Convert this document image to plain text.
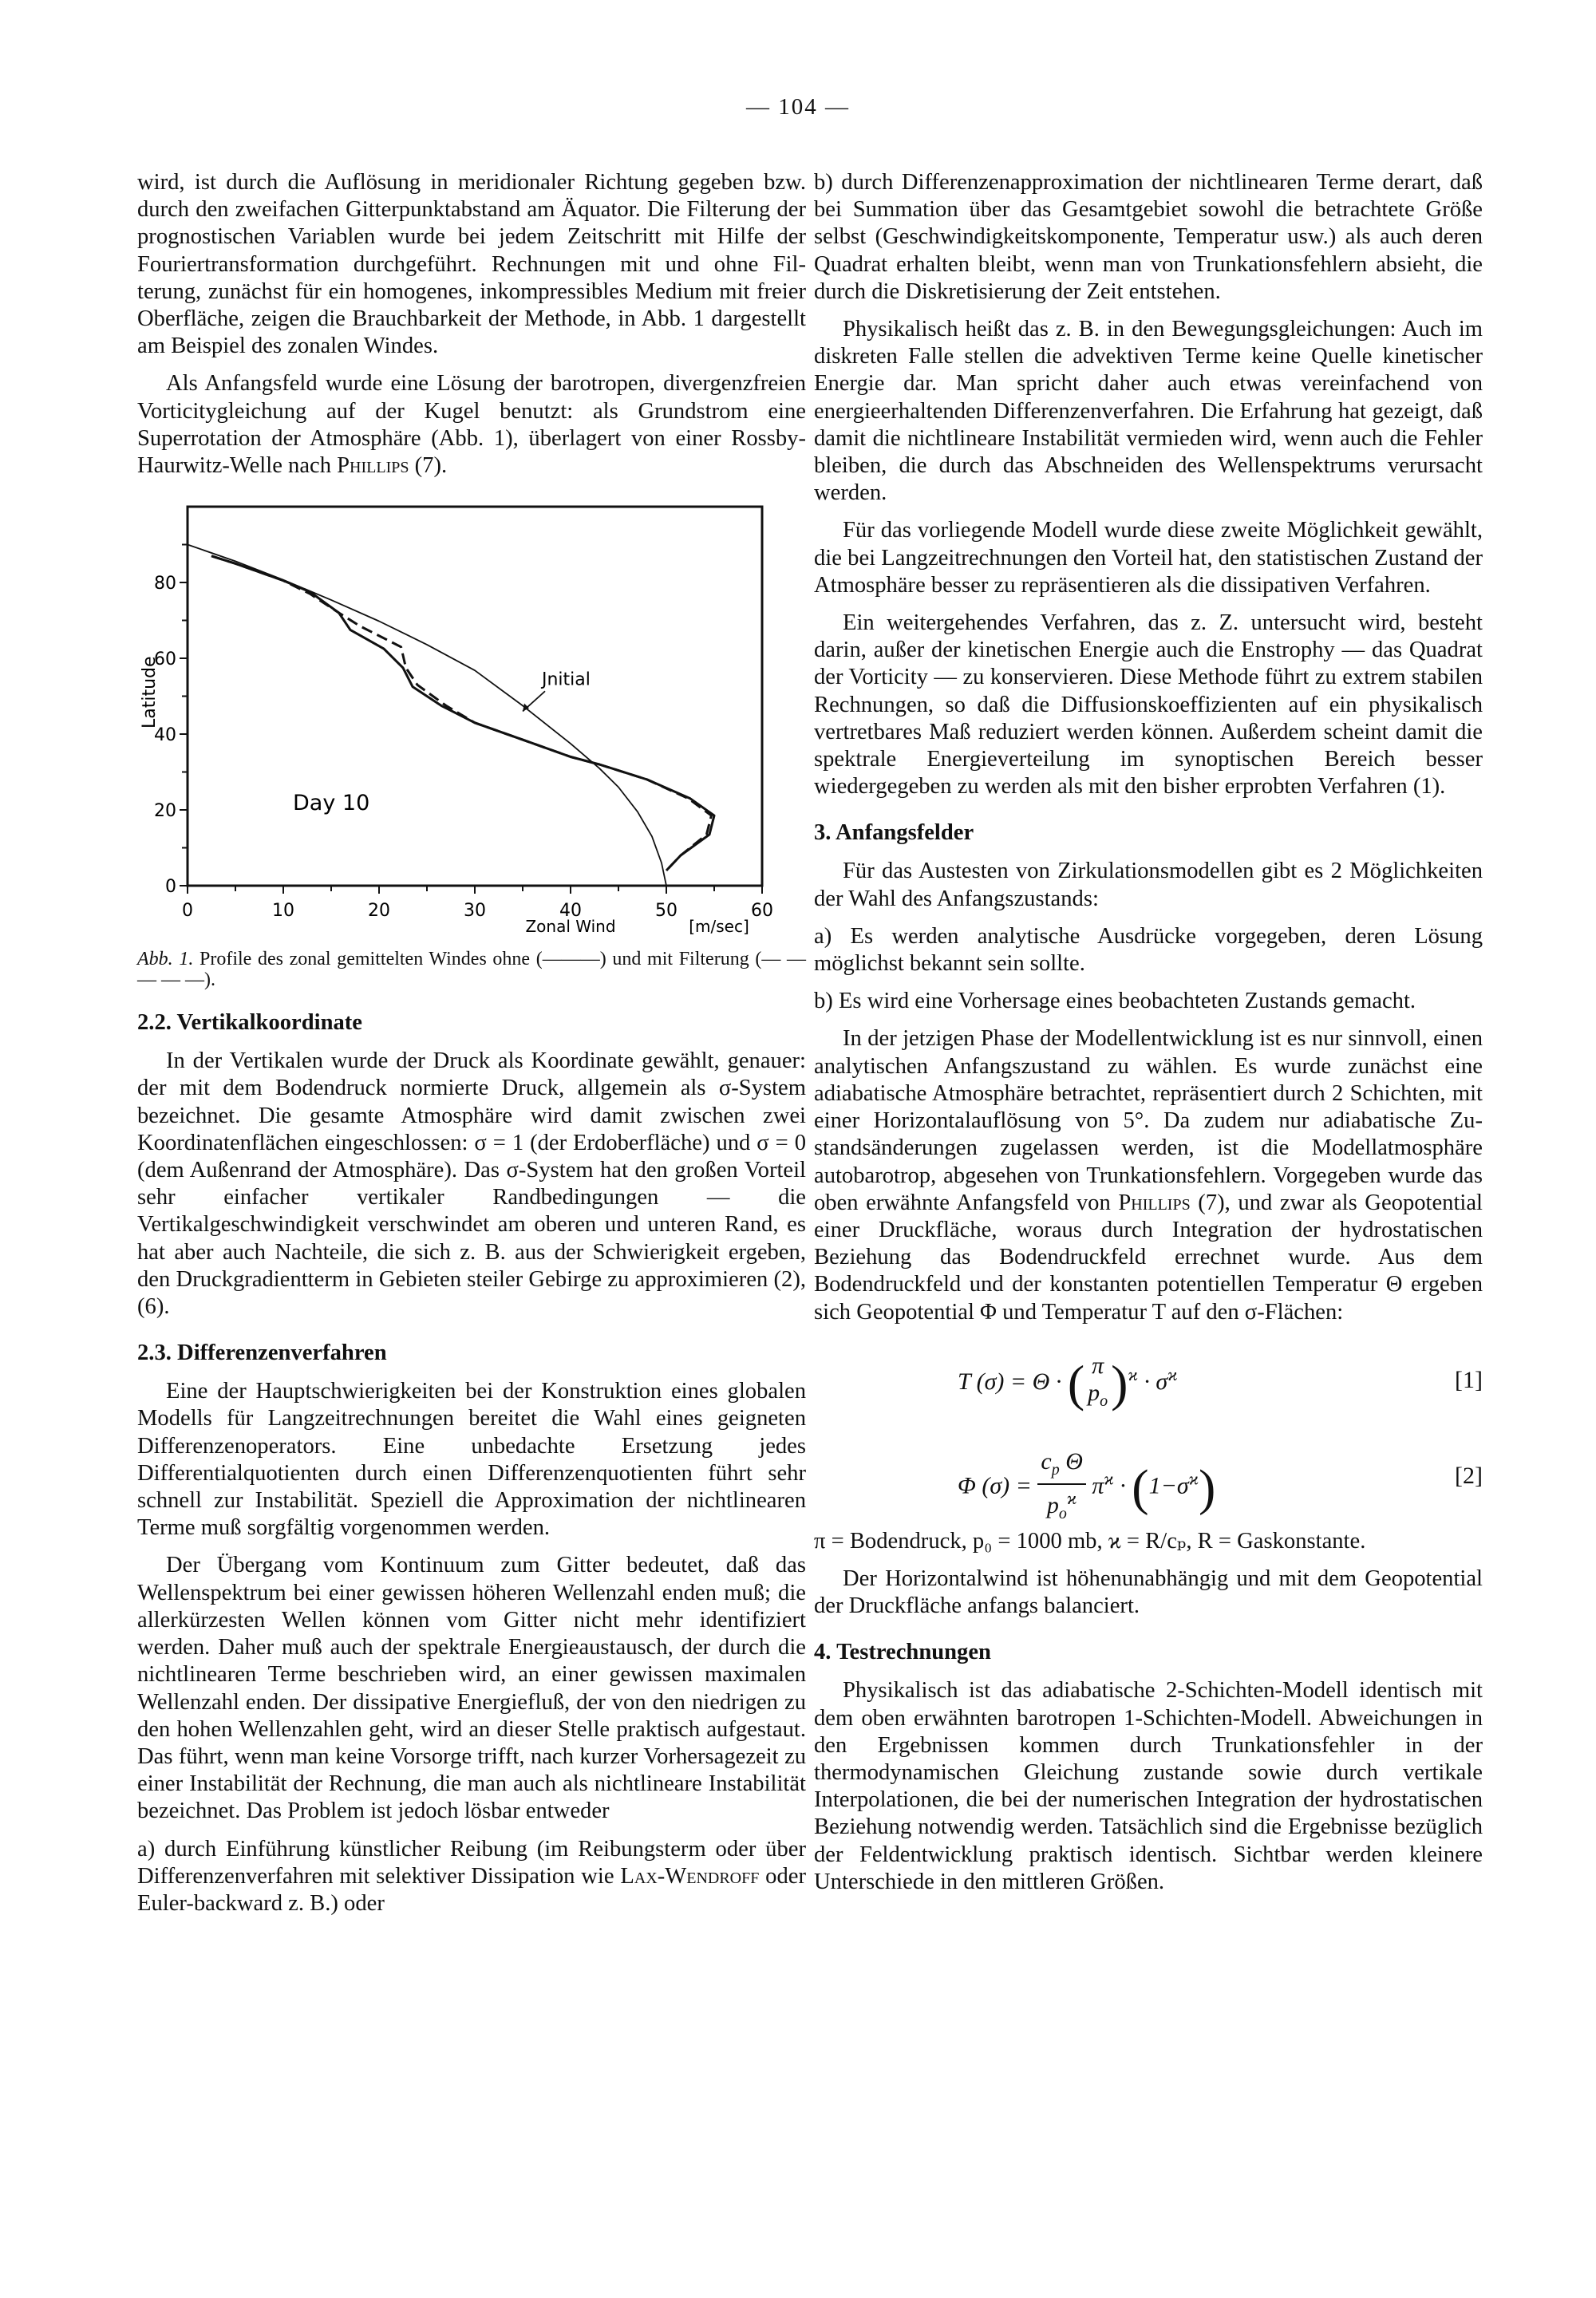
— 104 —

wird, ist durch die Auflösung in meridionaler Richtung gegeben bzw. durch den zweifachen Gitterpunktabstand am Äquator. Die Filterung der prognostischen Variablen wurde bei jedem Zeitschritt mit Hilfe der Fouriertransformation durchgeführt. Rechnungen mit und ohne Filterung, zunächst für ein homogenes, inkompressibles Medium mit freier Oberfläche, zeigen die Brauchbarkeit der Methode, in Abb. 1 dargestellt am Beispiel des zonalen Windes.

Als Anfangsfeld wurde eine Lösung der barotropen, divergenzfreien Vorticitygleichung auf der Kugel benutzt: als Grundstrom eine Superrotation der Atmosphäre (Abb. 1), überlagert von einer Rossby-Haurwitz-Welle nach Phillips (7).

0	10	20	30	40	50	60
0
20
40
60
80
Zonal Wind	[m/sec]
Latitude	Jnitial
Day 10
Abb. 1. Profile des zonal gemittelten Windes ohne (———) und mit Filterung (— — — — —).
2.2. Vertikalkoordinate

In der Vertikalen wurde der Druck als Koordinate gewählt, genauer: der mit dem Bodendruck normierte Druck, allgemein als σ-System bezeichnet. Die gesamte Atmosphäre wird damit zwischen zwei Koordinatenflächen eingeschlossen: σ = 1 (der Erdoberfläche) und σ = 0 (dem Außenrand der Atmosphäre). Das σ-System hat den großen Vorteil sehr einfacher vertikaler Randbedingungen — die Vertikalgeschwindigkeit verschwindet am oberen und unteren Rand, es hat aber auch Nachteile, die sich z. B. aus der Schwierigkeit ergeben, den Druckgradientterm in Gebieten steiler Gebirge zu approximieren (2), (6).

2.3. Differenzenverfahren

Eine der Hauptschwierigkeiten bei der Konstruktion eines globalen Modells für Langzeitrechnungen bereitet die Wahl eines geigneten Differenzenoperators. Eine unbedachte Ersetzung jedes Differentialquotienten durch einen Differenzenquotienten führt sehr schnell zur Instabilität. Speziell die Approximation der nichtlinearen Terme muß sorgfältig vorgenommen werden.

Der Übergang vom Kontinuum zum Gitter bedeutet, daß das Wellenspektrum bei einer gewissen höheren Wellenzahl enden muß; die allerkürzesten Wellen können vom Gitter nicht mehr identifiziert werden. Daher muß auch der spektrale Energieaustausch, der durch die nichtlinearen Terme beschrieben wird, an einer gewissen maximalen Wellenzahl enden. Der dissipative Energiefluß, der von den niedrigen zu den hohen Wellenzahlen geht, wird an dieser Stelle praktisch aufgestaut. Das führt, wenn man keine Vorsorge trifft, nach kurzer Vorhersagezeit zu einer Instabilität der Rechnung, die man auch als nichtlineare Instabilität bezeichnet. Das Problem ist jedoch lösbar entweder

a) durch Einführung künstlicher Reibung (im Reibungsterm oder über Differenzenverfahren mit selektiver Dissipation wie Lax-Wendroff oder Euler-backward z. B.) oder

b) durch Differenzenapproximation der nichtlinearen Terme derart, daß bei Summation über das Gesamtgebiet sowohl die betrachtete Größe selbst (Geschwindigkeitskomponente, Temperatur usw.) als auch deren Quadrat erhalten bleibt, wenn man von Trunkationsfehlern absieht, die durch die Diskretisierung der Zeit entstehen.

Physikalisch heißt das z. B. in den Bewegungsgleichungen: Auch im diskreten Falle stellen die advektiven Terme keine Quelle kinetischer Energie dar. Man spricht daher auch etwas vereinfachend von energieerhaltenden Differenzenverfahren. Die Erfahrung hat gezeigt, daß damit die nichtlineare Instabilität vermieden wird, wenn auch die Fehler bleiben, die durch das Abschneiden des Wellenspektrums verursacht werden.

Für das vorliegende Modell wurde diese zweite Möglichkeit gewählt, die bei Langzeitrechnungen den Vorteil hat, den statistischen Zustand der Atmosphäre besser zu repräsentieren als die dissipativen Verfahren.

Ein weitergehendes Verfahren, das z. Z. untersucht wird, besteht darin, außer der kinetischen Energie auch die Enstrophy — das Quadrat der Vorticity — zu konservieren. Diese Methode führt zu extrem stabilen Rechnungen, so daß die Diffusionskoeffizienten auf ein physikalisch vertretbares Maß reduziert werden können. Außerdem scheint damit die spektrale Energieverteilung im synoptischen Bereich besser wiedergegeben zu werden als mit den bisher erprobten Verfahren (1).

3. Anfangsfelder

Für das Austesten von Zirkulationsmodellen gibt es 2 Möglichkeiten der Wahl des Anfangszustands:

a) Es werden analytische Ausdrücke vorgegeben, deren Lösung möglichst bekannt sein sollte.

b) Es wird eine Vorhersage eines beobachteten Zustands gemacht.

In der jetzigen Phase der Modellentwicklung ist es nur sinnvoll, einen analytischen Anfangszustand zu wählen. Es wurde zunächst eine adiabatische Atmosphäre betrachtet, repräsentiert durch 2 Schichten, mit einer Horizontalauflösung von 5°. Da zudem nur adiabatische Zustandsänderungen zugelassen werden, ist die Modellatmosphäre autobarotrop, abgesehen von Trunkationsfehlern. Vorgegeben wurde das oben erwähnte Anfangsfeld von Phillips (7), und zwar als Geopotential einer Druckfläche, woraus durch Integration der hydrostatischen Beziehung das Bodendruckfeld errechnet wurde. Aus dem Bodendruckfeld und der konstanten potentiellen Temperatur Θ ergeben sich Geopotential Φ und Temperatur T auf den σ-Flächen:

T (σ) = Θ · ( π
$p_o$ )$^ϰ \cdot \sigma^ϰ$	[1]
Φ $(\sigma) = \frac{c_p \Theta}{p_o^ϰ} \pi^ϰ \cdot (1-\sigma^ϰ)$	[2]

π = Bodendruck, p₀ = 1000 mb, ϰ = R/cₚ, R = Gaskonstante.

Der Horizontalwind ist höhenunabhängig und mit dem Geopotential der Druckfläche anfangs balanciert.

4. Testrechnungen

Physikalisch ist das adiabatische 2-Schichten-Modell identisch mit dem oben erwähnten barotropen 1-Schichten-Modell. Abweichungen in den Ergebnissen kommen durch Trunkationsfehler in der thermodynamischen Gleichung zustande sowie durch vertikale Interpolationen, die bei der numerischen Integration der hydrostatischen Beziehung notwendig werden. Tatsächlich sind die Ergebnisse bezüglich der Feldentwicklung praktisch identisch. Sichtbar werden kleinere Unterschiede in den mittleren Größen.
